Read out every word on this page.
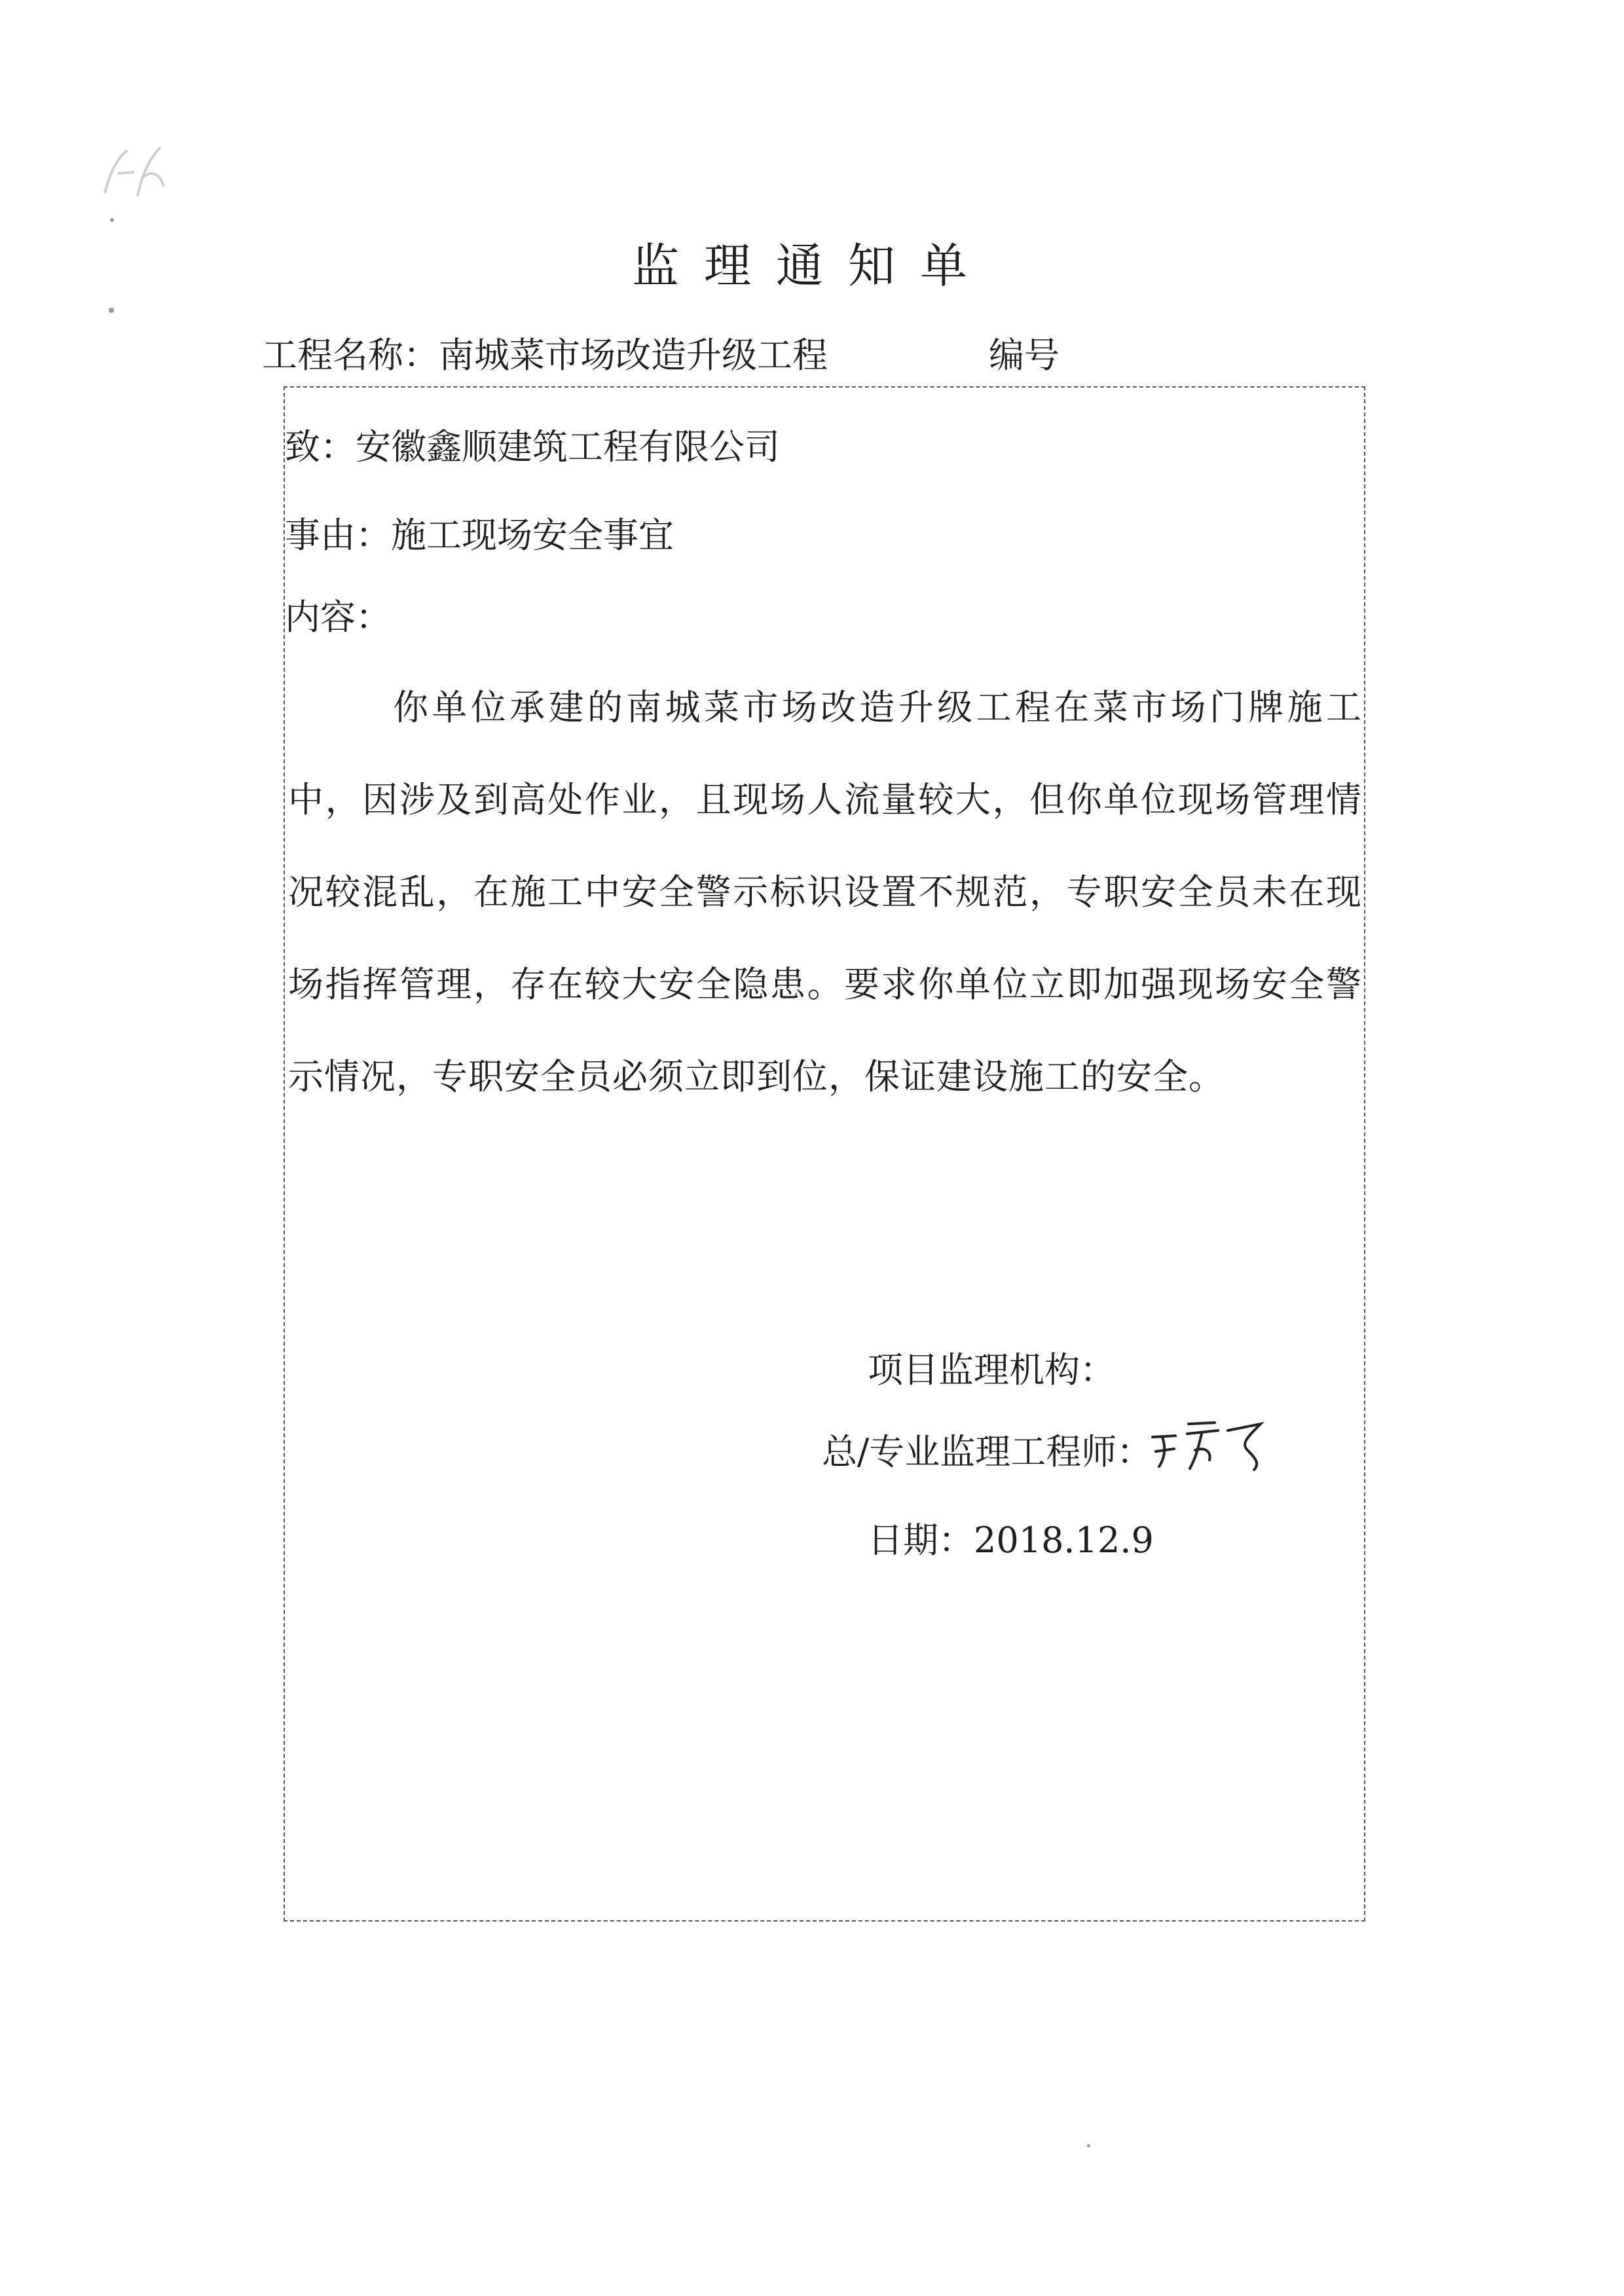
监理通知单
工程名称：南城菜市场改造升级工程	编号
致：安徽鑫顺建筑工程有限公司
事由：施工现场安全事宜
内容：
你单位承建的南城菜市场改造升级工程在菜市场门牌施工中，因涉及到高处作业，且现场人流量较大，但你单位现场管理情况较混乱，在施工中安全警示标识设置不规范，专职安全员未在现场指挥管理，存在较大安全隐患。要求你单位立即加强现场安全警示情况，专职安全员必须立即到位，保证建设施工的安全。
项目监理机构：
总/专业监理工程师：
日期：2018.12.9
